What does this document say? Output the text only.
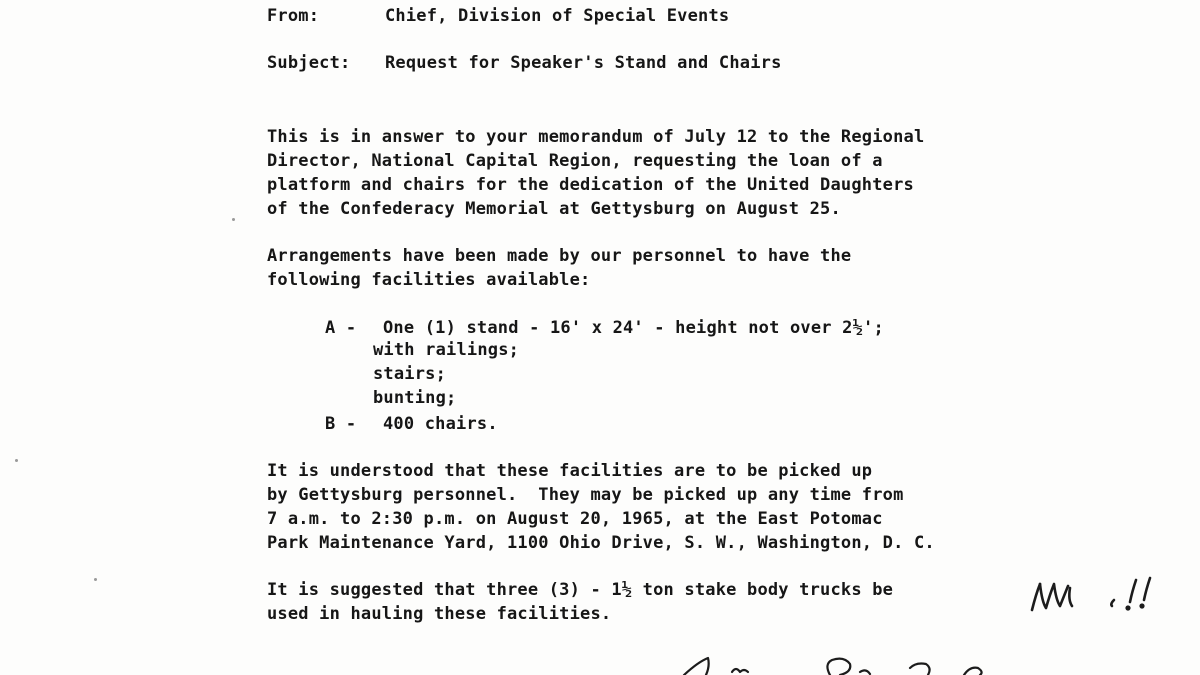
From:	Chief, Division of Special Events
Subject:	Request for Speaker's Stand and Chairs
This is in answer to your memorandum of July 12 to the Regional
Director, National Capital Region, requesting the loan of a
platform and chairs for the dedication of the United Daughters
of the Confederacy Memorial at Gettysburg on August 25.
Arrangements have been made by our personnel to have the
following facilities available:
A -	One (1) stand - 16' x 24' - height not over 2½';
with railings;
stairs;
bunting;
B -	400 chairs.
It is understood that these facilities are to be picked up
by Gettysburg personnel.  They may be picked up any time from
7 a.m. to 2:30 p.m. on August 20, 1965, at the East Potomac
Park Maintenance Yard, 1100 Ohio Drive, S. W., Washington, D. C.
It is suggested that three (3) - 1½ ton stake body trucks be
used in hauling these facilities.
